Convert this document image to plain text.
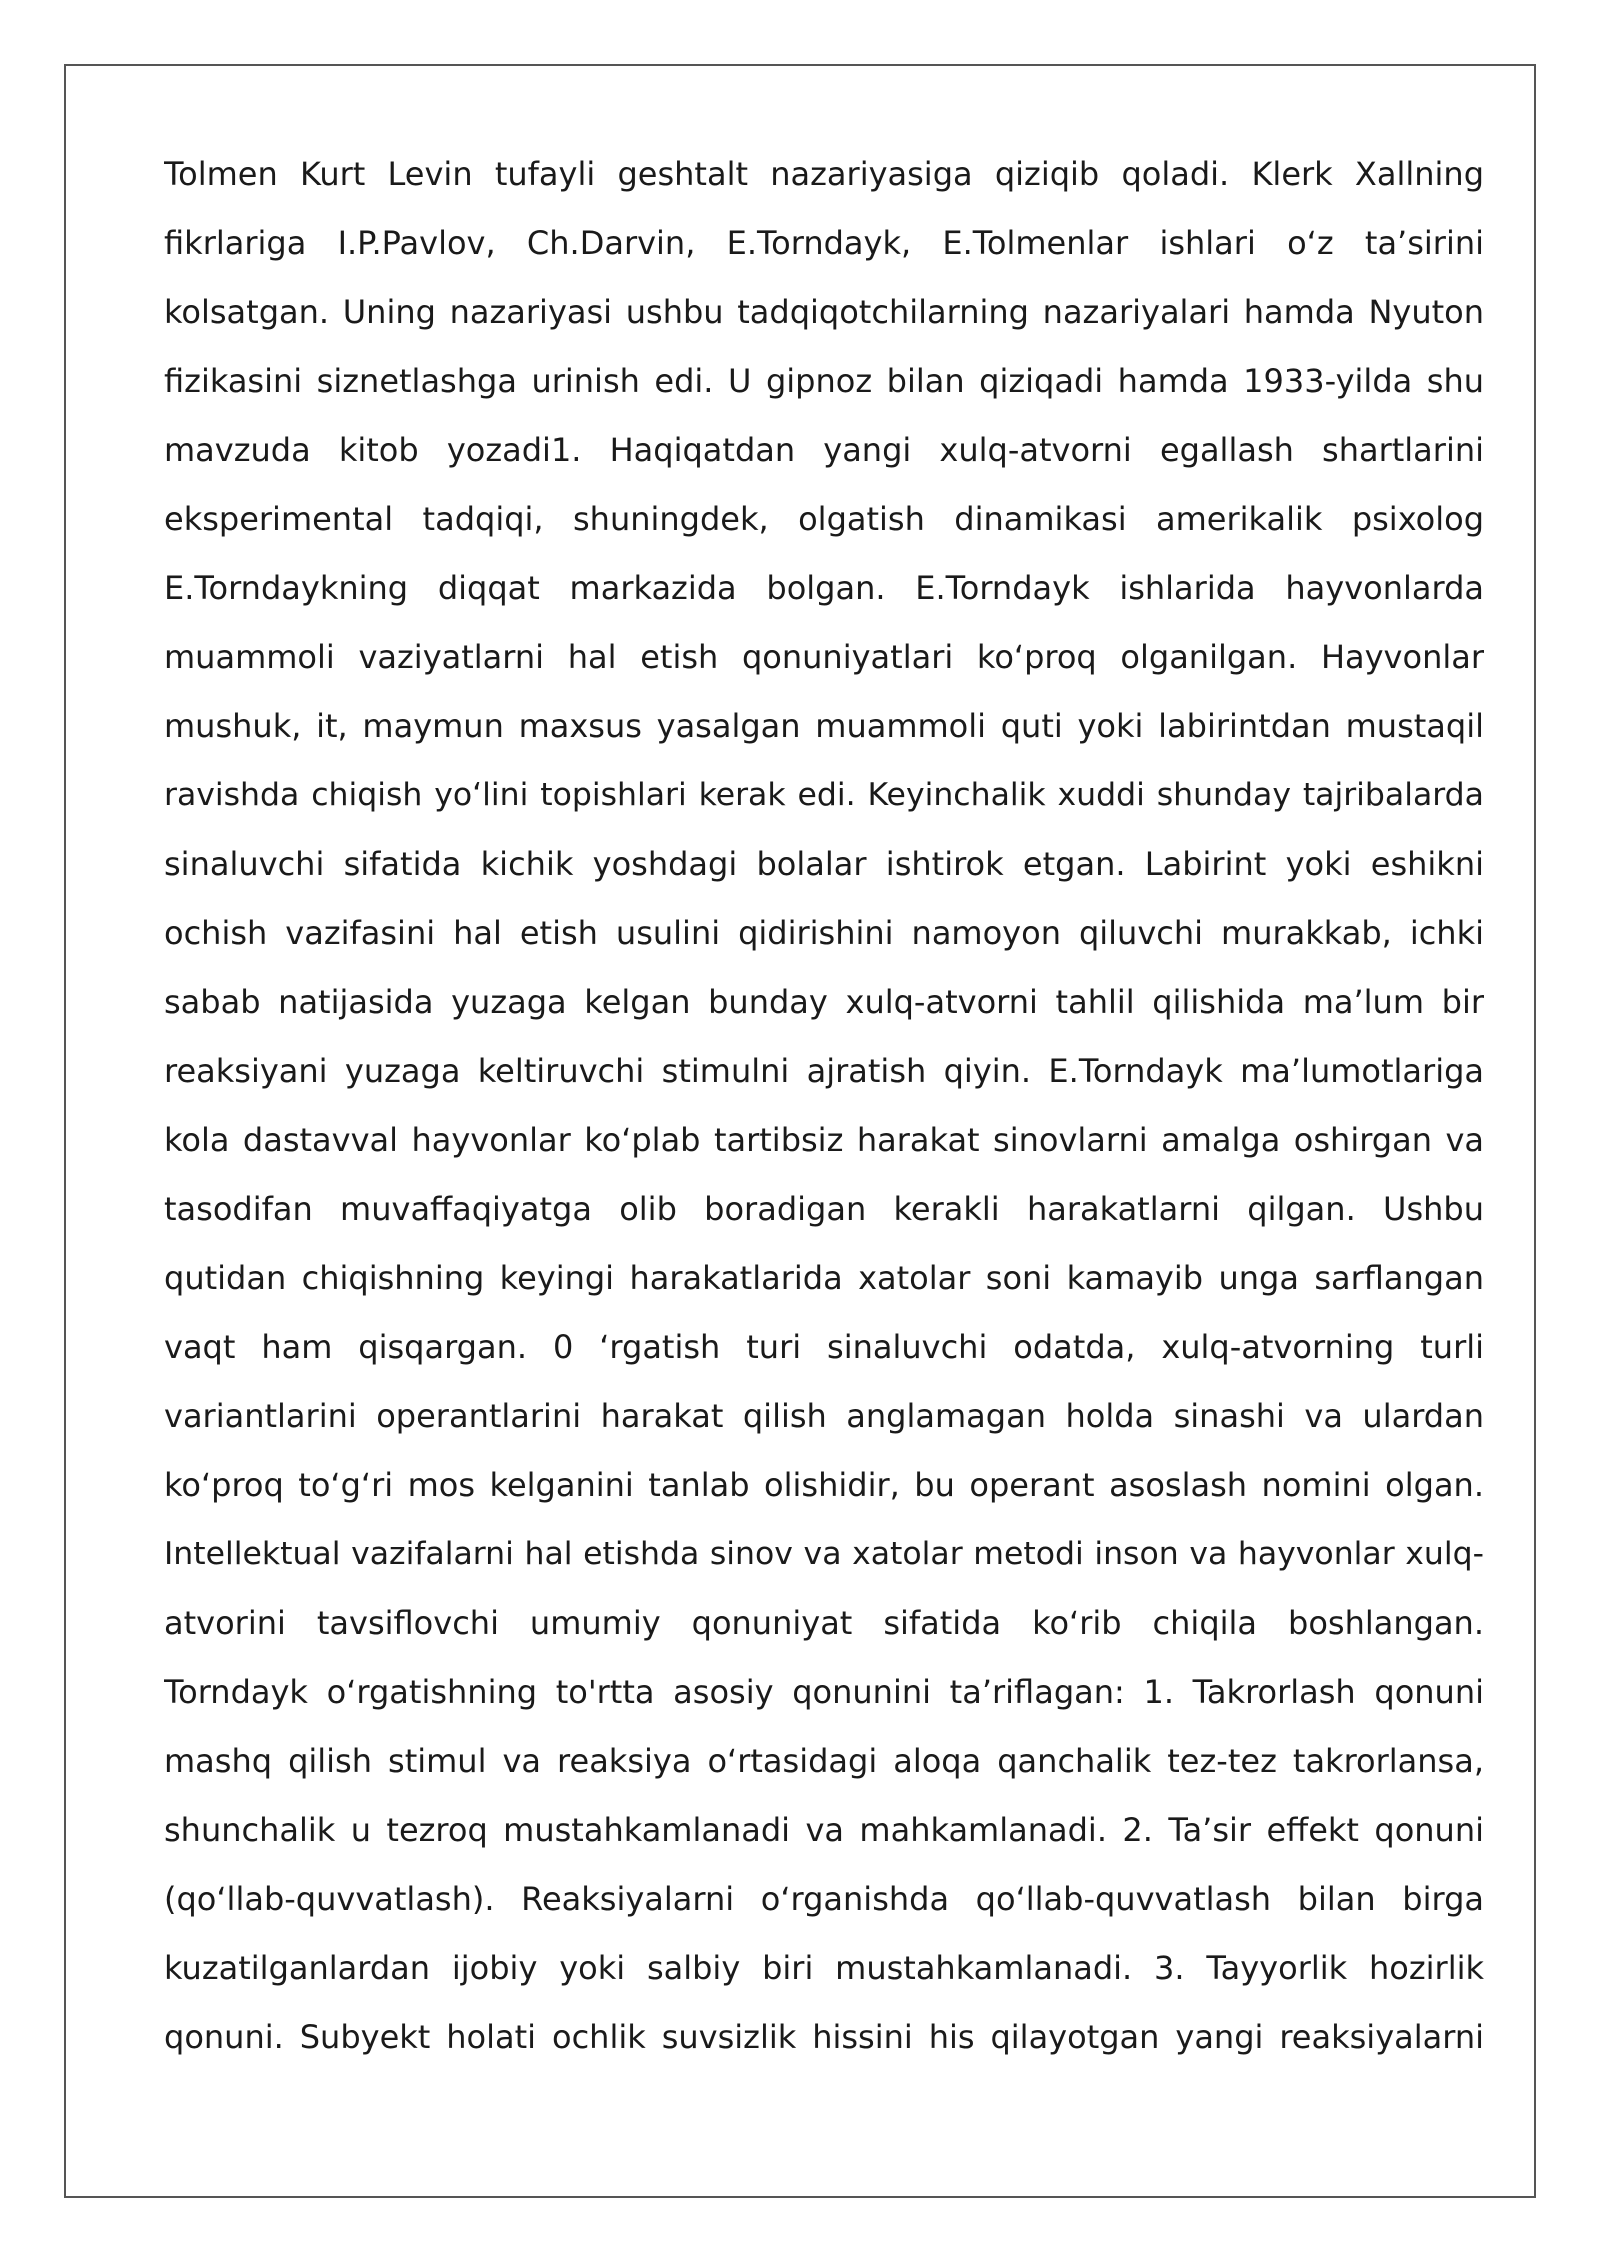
Tolmen Kurt Levin tufayli geshtalt nazariyasiga qiziqib qoladi. Klerk Xallning
fikrlariga I.P.Pavlov, Ch.Darvin, E.Torndayk, E.Tolmenlar ishlari oʻz taʼsirini
kolsatgan. Uning nazariyasi ushbu tadqiqotchilarning nazariyalari hamda Nyuton
fizikasini siznetlashga urinish edi. U gipnoz bilan qiziqadi hamda 1933-yilda shu
mavzuda kitob yozadi1. Haqiqatdan yangi xulq-atvorni egallash shartlarini
eksperimental tadqiqi, shuningdek, olgatish dinamikasi amerikalik psixolog
E.Torndaykning diqqat markazida bolgan. E.Torndayk ishlarida hayvonlarda
muammoli vaziyatlarni hal etish qonuniyatlari koʻproq olganilgan. Hayvonlar
mushuk, it, maymun maxsus yasalgan muammoli quti yoki labirintdan mustaqil
ravishda chiqish yoʻlini topishlari kerak edi. Keyinchalik xuddi shunday tajribalarda
sinaluvchi sifatida kichik yoshdagi bolalar ishtirok etgan. Labirint yoki eshikni
ochish vazifasini hal etish usulini qidirishini namoyon qiluvchi murakkab, ichki
sabab natijasida yuzaga kelgan bunday xulq-atvorni tahlil qilishida maʼlum bir
reaksiyani yuzaga keltiruvchi stimulni ajratish qiyin. E.Torndayk maʼlumotlariga
kola dastavval hayvonlar koʻplab tartibsiz harakat sinovlarni amalga oshirgan va
tasodifan muvaffaqiyatga olib boradigan kerakli harakatlarni qilgan. Ushbu
qutidan chiqishning keyingi harakatlarida xatolar soni kamayib unga sarflangan
vaqt ham qisqargan. 0 ʻrgatish turi sinaluvchi odatda, xulq-atvorning turli
variantlarini operantlarini harakat qilish anglamagan holda sinashi va ulardan
koʻproq toʻgʻri mos kelganini tanlab olishidir, bu operant asoslash nomini olgan.
Intellektual vazifalarni hal etishda sinov va xatolar metodi inson va hayvonlar xulq-
atvorini tavsiflovchi umumiy qonuniyat sifatida koʻrib chiqila boshlangan.
Torndayk oʻrgatishning to'rtta asosiy qonunini taʼriflagan: 1. Takrorlash qonuni
mashq qilish stimul va reaksiya oʻrtasidagi aloqa qanchalik tez-tez takrorlansa,
shunchalik u tezroq mustahkamlanadi va mahkamlanadi. 2. Taʼsir effekt qonuni
(qoʻllab-quvvatlash). Reaksiyalarni oʻrganishda qoʻllab-quvvatlash bilan birga
kuzatilganlardan ijobiy yoki salbiy biri mustahkamlanadi. 3. Tayyorlik hozirlik
qonuni. Subyekt holati ochlik suvsizlik hissini his qilayotgan yangi reaksiyalarni
